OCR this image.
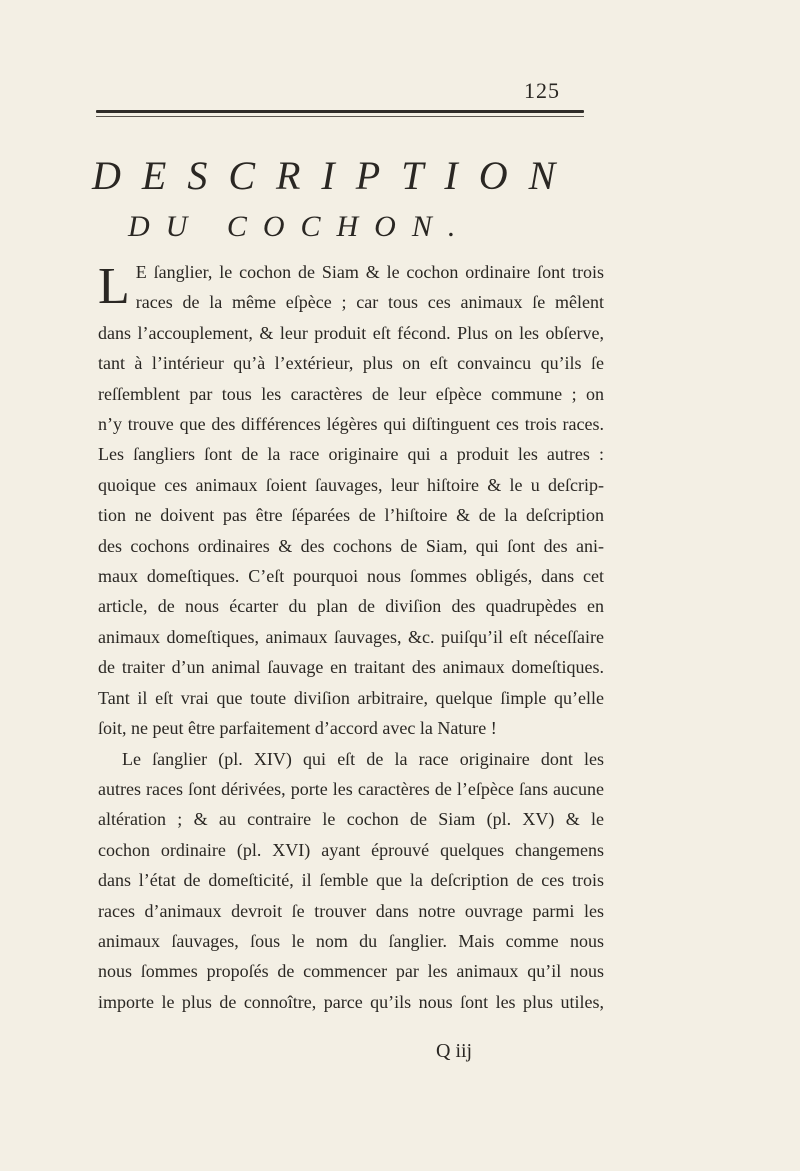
125
DESCRIPTION
DU COCHON.
L E ſanglier, le cochon de Siam & le cochon ordinaire ſont trois
races de la même eſpèce ; car tous ces animaux ſe mêlent
dans l’accouplement, & leur produit eſt fécond. Plus on les obſerve,
tant à l’intérieur qu’à l’extérieur, plus on eſt convaincu qu’ils ſe
reſſemblent par tous les caractères de leur eſpèce commune ; on
n’y trouve que des différences légères qui diſtinguent ces trois races.
Les ſangliers ſont de la race originaire qui a produit les autres :
quoique ces animaux ſoient ſauvages, leur hiſtoire & le u deſcrip-
tion ne doivent pas être ſéparées de l’hiſtoire & de la deſcription
des cochons ordinaires & des cochons de Siam, qui ſont des ani-
maux domeſtiques. C’eſt pourquoi nous ſommes obligés, dans cet
article, de nous écarter du plan de diviſion des quadrupèdes en
animaux domeſtiques, animaux ſauvages, &c. puiſqu’il eſt néceſſaire
de traiter d’un animal ſauvage en traitant des animaux domeſtiques.
Tant il eſt vrai que toute diviſion arbitraire, quelque ſimple qu’elle
ſoit, ne peut être parfaitement d’accord avec la Nature !
Le ſanglier (pl. XIV) qui eſt de la race originaire dont les
autres races ſont dérivées, porte les caractères de l’eſpèce ſans aucune
altération ; & au contraire le cochon de Siam (pl. XV) & le
cochon ordinaire (pl. XVI) ayant éprouvé quelques changemens
dans l’état de domeſticité, il ſemble que la deſcription de ces trois
races d’animaux devroit ſe trouver dans notre ouvrage parmi les
animaux ſauvages, ſous le nom du ſanglier. Mais comme nous
nous ſommes propoſés de commencer par les animaux qu’il nous
importe le plus de connoître, parce qu’ils nous ſont les plus utiles,
Q iij
